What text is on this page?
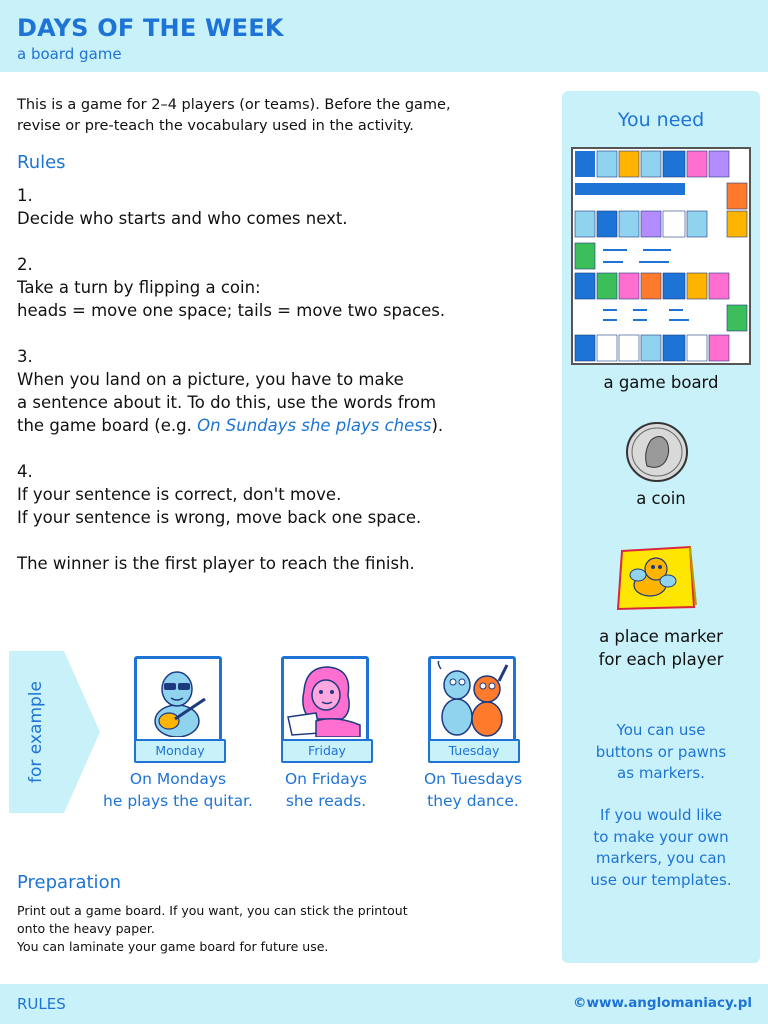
DAYS OF THE WEEK
a board game

This is a game for 2–4 players (or teams). Before the game,
revise or pre-teach the vocabulary used in the activity.

Rules

1.

Decide who starts and who comes next.

2.

Take a turn by flipping a coin:

heads = move one space; tails = move two spaces.

3.

When you land on a picture, you have to make

a sentence about it. To do this, use the words from

the game board (e.g. On Sundays she plays chess).

4.

If your sentence is correct, don't move.

If your sentence is wrong, move back one space.

The winner is the first player to reach the finish.

for example	Monday	Friday	Tuesday
On Mondays
he plays the quitar.
On Fridays
she reads.
On Tuesdays
they dance.
Preparation

Print out a game board. If you want, you can stick the printout

onto the heavy paper.

You can laminate your game board for future use.

You need
a game board
a coin
a place marker
for each player
You can use
buttons or pawns
as markers.
If you would like
to make your own
markers, you can
use our templates.
RULES	©www.anglomaniacy.pl
